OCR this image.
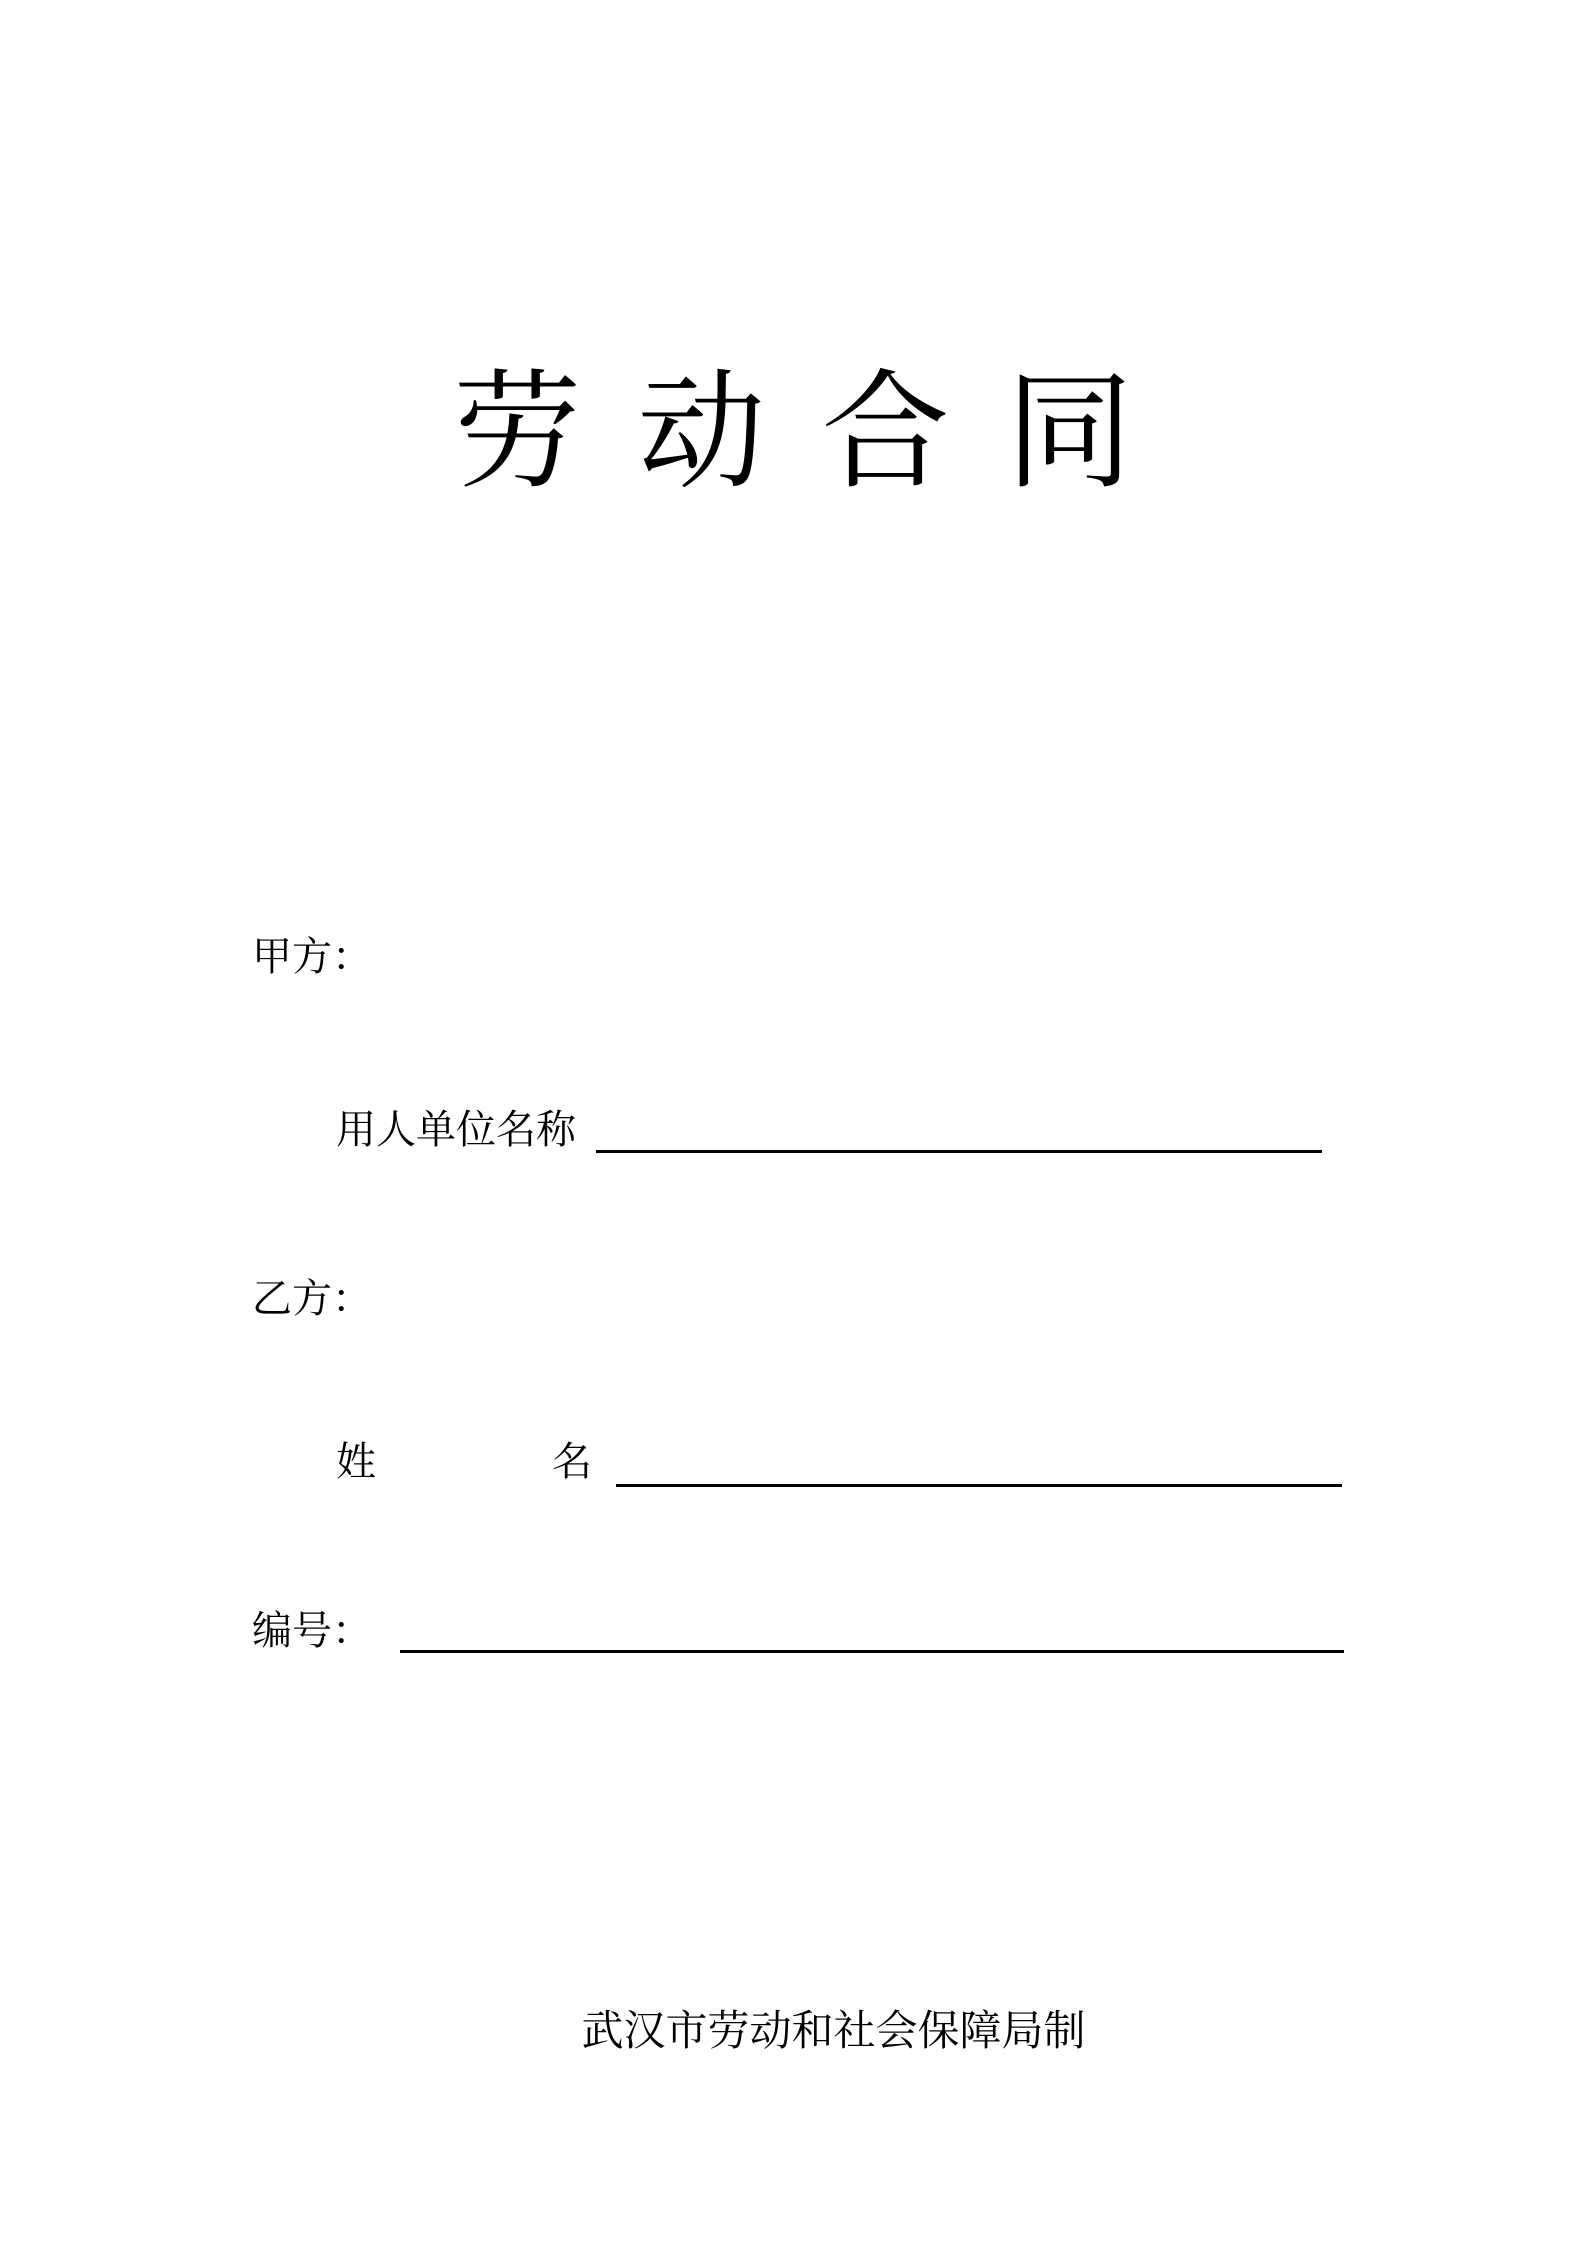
劳 动 合 同
甲方：
用人单位名称
乙方：
姓	名
编号：
武汉市劳动和社会保障局制
